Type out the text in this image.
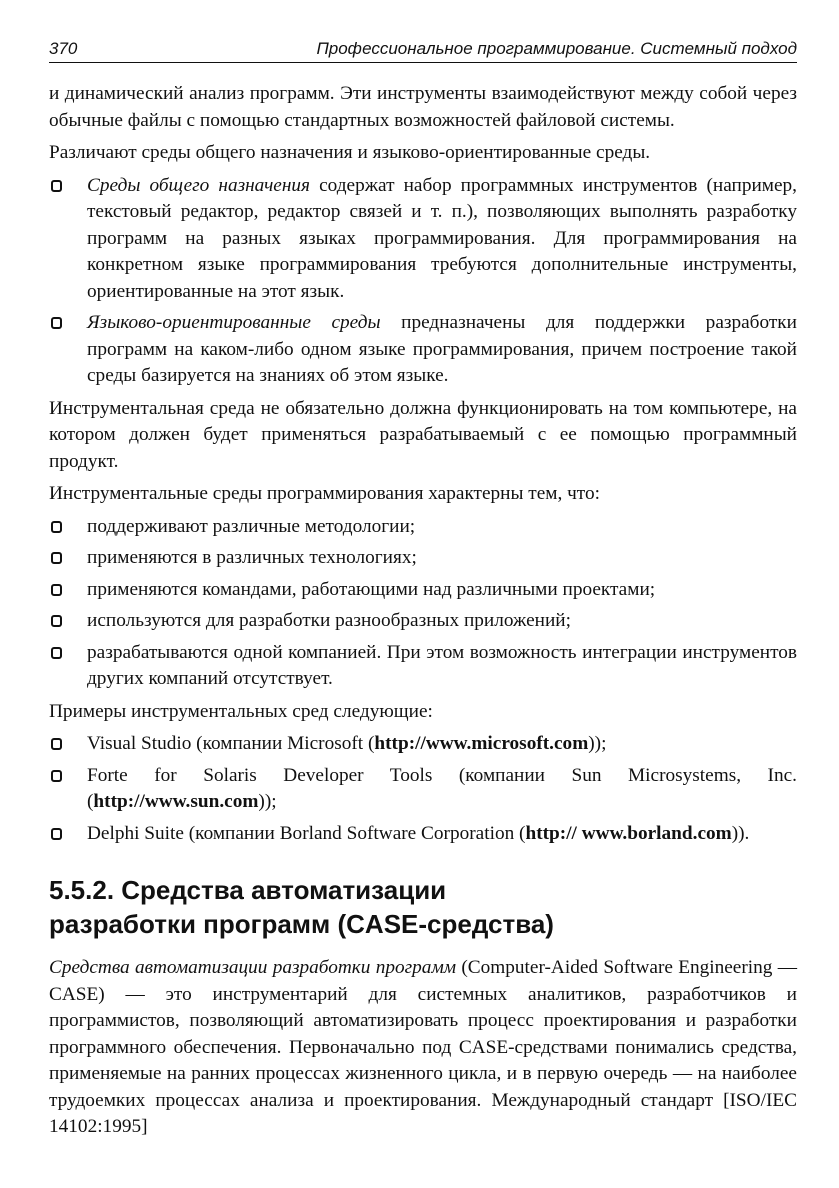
370	Профессиональное программирование. Системный подход

и динамический анализ программ. Эти инструменты взаимодействуют между собой через обычные файлы с помощью стандартных возможностей файловой системы.

Различают среды общего назначения и языково-ориентированные среды.

Среды общего назначения содержат набор программных инструментов (например, текстовый редактор, редактор связей и т. п.), позволяющих выполнять разработку программ на разных языках программирования. Для программирования на конкретном языке программирования требуются дополнительные инструменты, ориентированные на этот язык.
Языково-ориентированные среды предназначены для поддержки разработки программ на каком-либо одном языке программирования, причем построение такой среды базируется на знаниях об этом языке.

Инструментальная среда не обязательно должна функционировать на том компьютере, на котором должен будет применяться разрабатываемый с ее помощью программный продукт.

Инструментальные среды программирования характерны тем, что:

поддерживают различные методологии;
применяются в различных технологиях;
применяются командами, работающими над различными проектами;
используются для разработки разнообразных приложений;
разрабатываются одной компанией. При этом возможность интеграции инструментов других компаний отсутствует.

Примеры инструментальных сред следующие:

Visual Studio (компании Microsoft (http://www.microsoft.com));
Forte for Solaris Developer Tools (компании Sun Microsystems, Inc. (http://www.sun.com));
Delphi Suite (компании Borland Software Corporation (http:// www.borland.com)).
5.5.2. Средства автоматизации
разработки программ (CASE-средства)

Средства автоматизации разработки программ (Computer-Aided Software Engineering — CASE) — это инструментарий для системных аналитиков, разработчиков и программистов, позволяющий автоматизировать процесс проектирования и разработки программного обеспечения. Первоначально под CASE-средствами понимались средства, применяемые на ранних процессах жизненного цикла, и в первую очередь — на наиболее трудоемких процессах анализа и проектирования. Международный стандарт [ISO/IEC 14102:1995]
